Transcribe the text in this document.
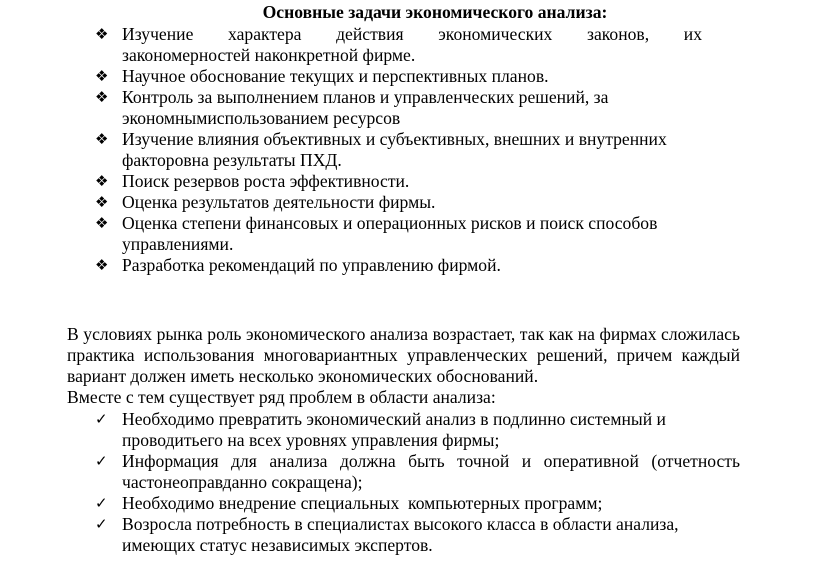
Основные задачи экономического анализа:
❖ Изучение характера действия экономических законов, их
закономерностей наконкретной фирме.
❖ Научное обоснование текущих и перспективных планов.
❖ Контроль за выполнением планов и управленческих решений, за
экономнымиспользованием ресурсов
❖ Изучение влияния объективных и субъективных, внешних и внутренних
факторовна результаты ПХД.
❖ Поиск резервов роста эффективности.
❖ Оценка результатов деятельности фирмы.
❖ Оценка степени финансовых и операционных рисков и поиск способов
управлениями.
❖ Разработка рекомендаций по управлению фирмой.

В условиях рынка роль экономического анализа возрастает, так как на фирмах сложилась практика использования многовариантных управленческих решений, причем каждый вариант должен иметь несколько экономических обоснований.

Вместе с тем существует ряд проблем в области анализа:

✓ Необходимо превратить экономический анализ в подлинно системный и
проводитьего на всех уровнях управления фирмы;
✓ Информация для анализа должна быть точной и оперативной (отчетность
частонеоправданно сокращена);
✓ Необходимо внедрение специальных  компьютерных программ;
✓ Возросла потребность в специалистах высокого класса в области анализа,
имеющих статус независимых экспертов.
